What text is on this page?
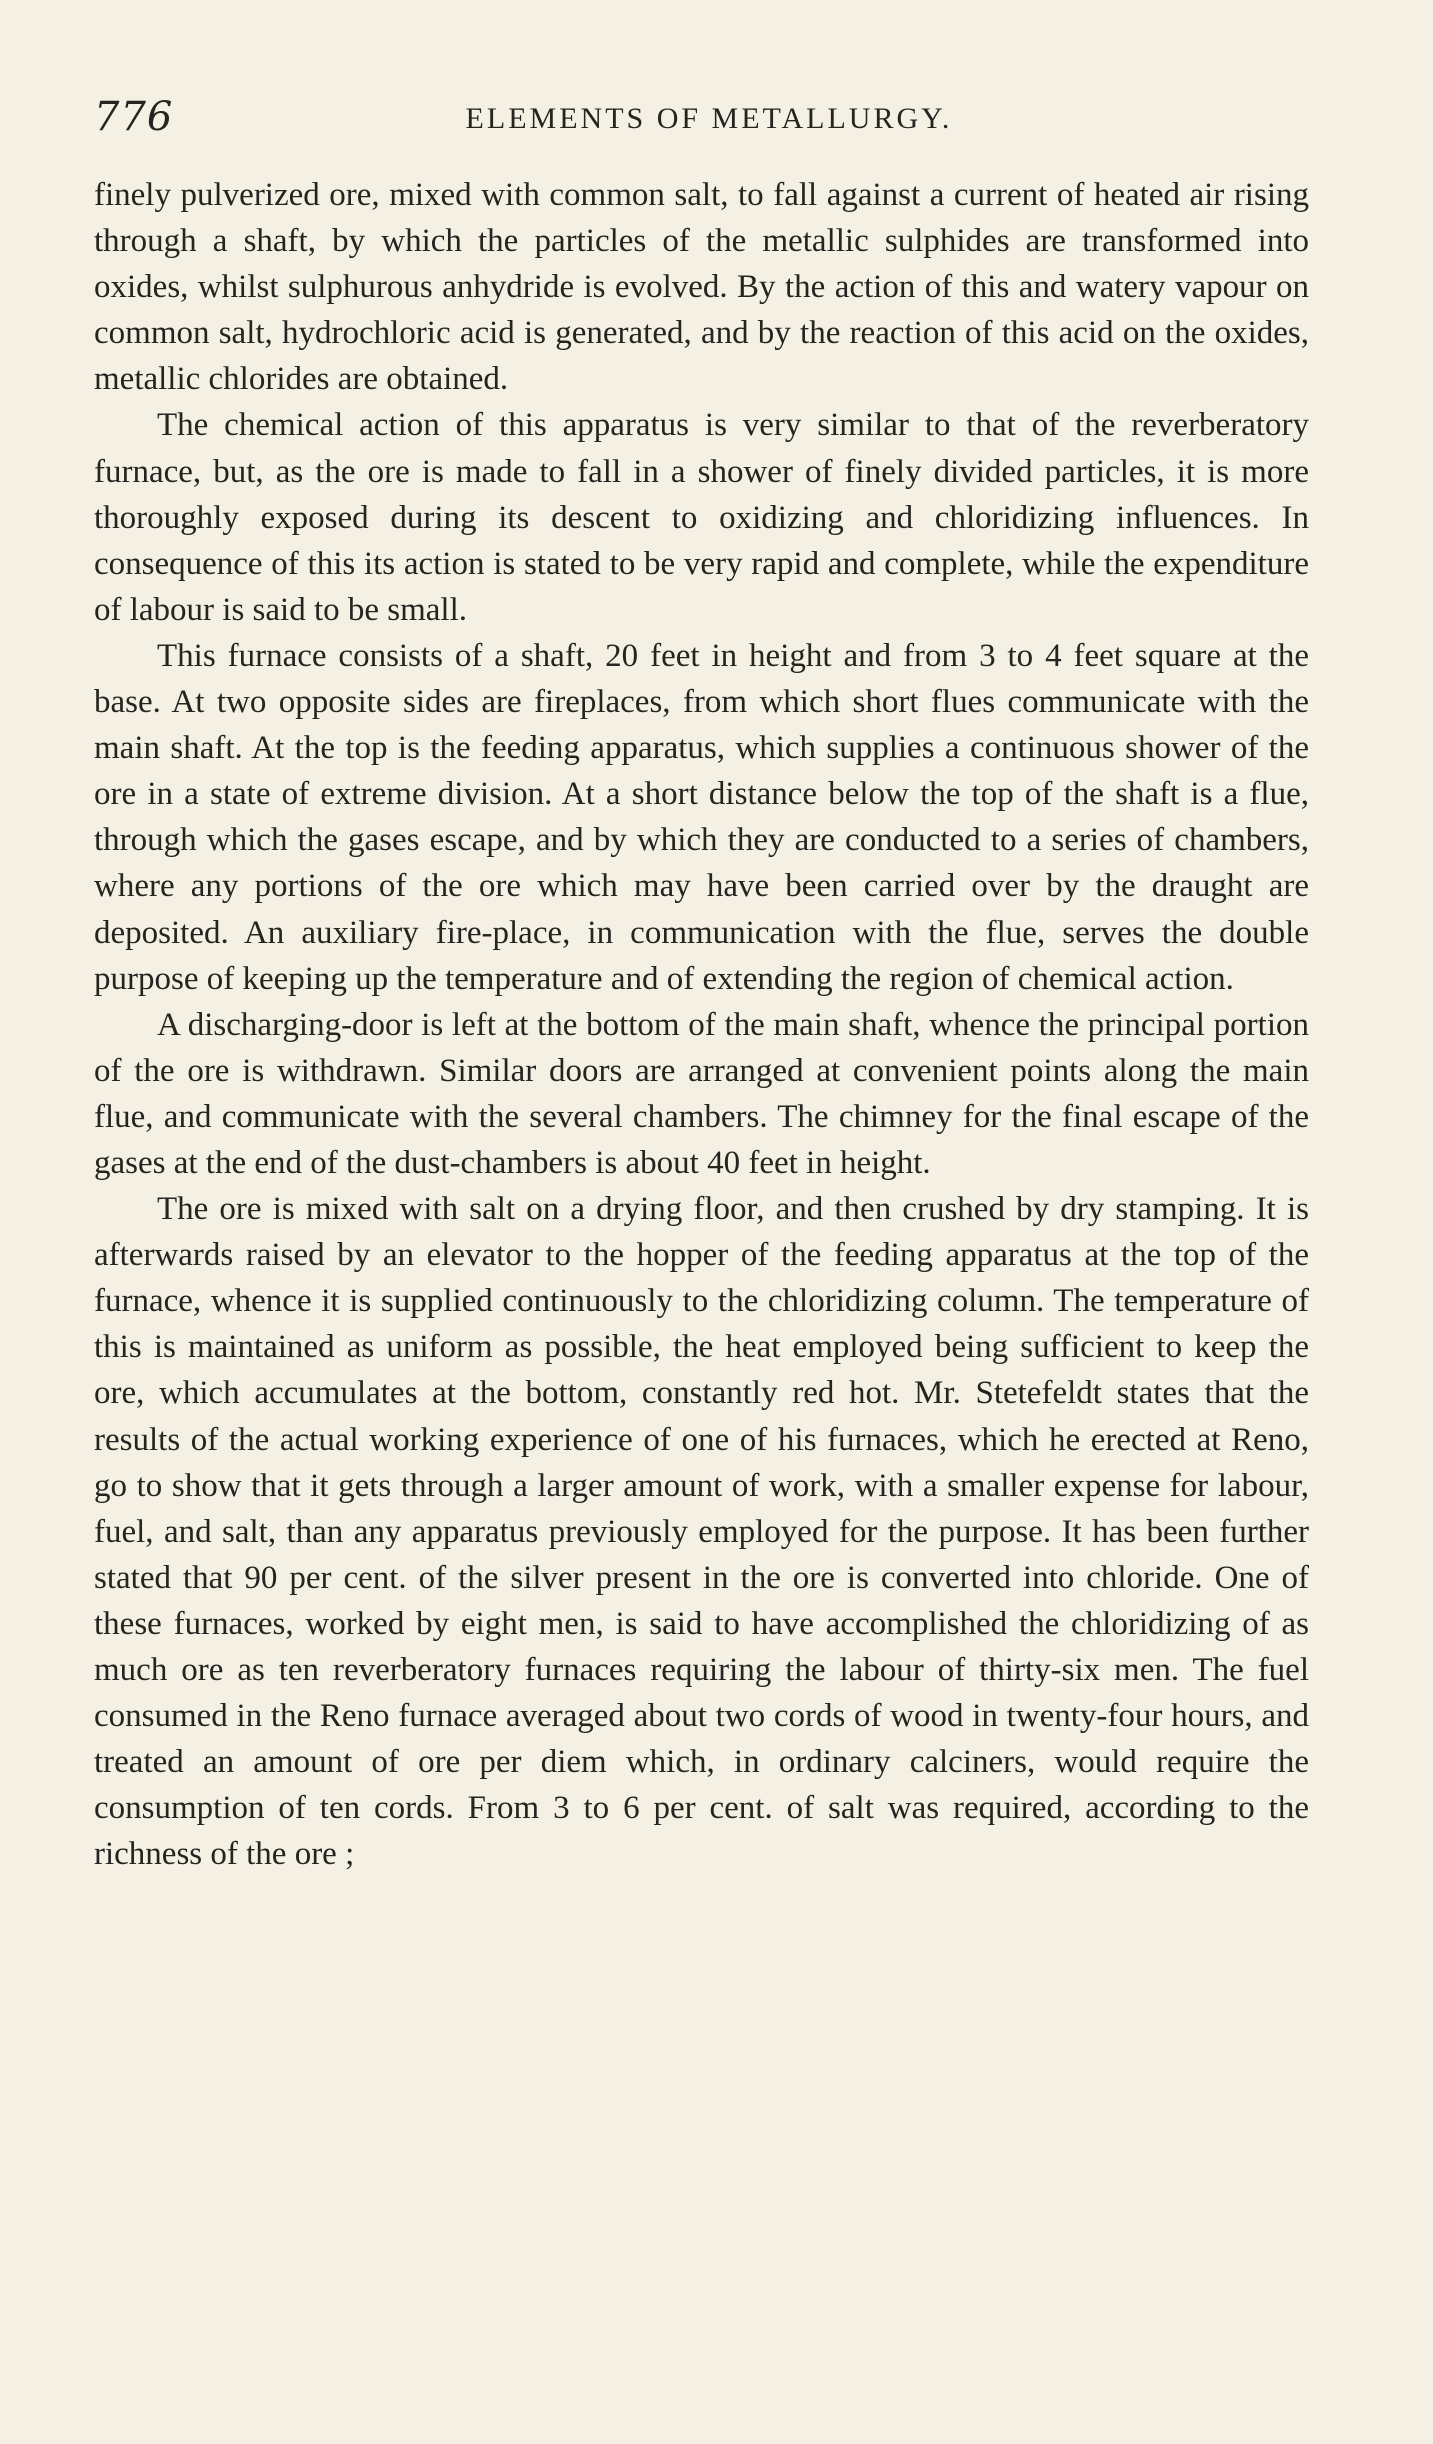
776	ELEMENTS OF METALLURGY.

finely pulverized ore, mixed with common salt, to fall against a current of heated air rising through a shaft, by which the particles of the metallic sulphides are transformed into oxides, whilst sulphurous anhydride is evolved. By the action of this and watery vapour on common salt, hydrochloric acid is generated, and by the reaction of this acid on the oxides, metallic chlorides are obtained.

The chemical action of this apparatus is very similar to that of the reverberatory furnace, but, as the ore is made to fall in a shower of finely divided particles, it is more thoroughly exposed during its descent to oxidizing and chloridizing influences. In consequence of this its action is stated to be very rapid and complete, while the expenditure of labour is said to be small.

This furnace consists of a shaft, 20 feet in height and from 3 to 4 feet square at the base. At two opposite sides are fireplaces, from which short flues communicate with the main shaft. At the top is the feeding apparatus, which supplies a continuous shower of the ore in a state of extreme division. At a short distance below the top of the shaft is a flue, through which the gases escape, and by which they are conducted to a series of chambers, where any portions of the ore which may have been carried over by the draught are deposited. An auxiliary fire-place, in communication with the flue, serves the double purpose of keeping up the temperature and of extending the region of chemical action.

A discharging-door is left at the bottom of the main shaft, whence the principal portion of the ore is withdrawn. Similar doors are arranged at convenient points along the main flue, and communicate with the several chambers. The chimney for the final escape of the gases at the end of the dust-chambers is about 40 feet in height.

The ore is mixed with salt on a drying floor, and then crushed by dry stamping. It is afterwards raised by an elevator to the hopper of the feeding apparatus at the top of the furnace, whence it is supplied continuously to the chloridizing column. The temperature of this is maintained as uniform as possible, the heat employed being sufficient to keep the ore, which accumulates at the bottom, constantly red hot. Mr. Stetefeldt states that the results of the actual working experience of one of his furnaces, which he erected at Reno, go to show that it gets through a larger amount of work, with a smaller expense for labour, fuel, and salt, than any apparatus previously employed for the purpose. It has been further stated that 90 per cent. of the silver present in the ore is converted into chloride. One of these furnaces, worked by eight men, is said to have accomplished the chloridizing of as much ore as ten reverberatory furnaces requiring the labour of thirty-six men. The fuel consumed in the Reno furnace averaged about two cords of wood in twenty-four hours, and treated an amount of ore per diem which, in ordinary calciners, would require the consumption of ten cords. From 3 to 6 per cent. of salt was required, according to the richness of the ore ;
